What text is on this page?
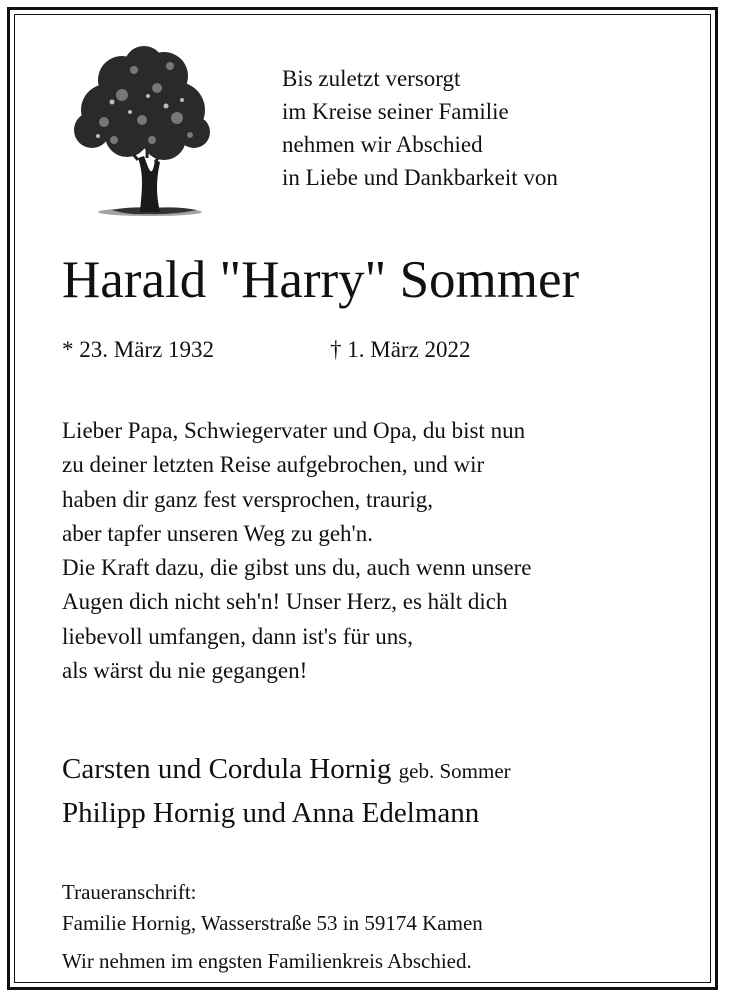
Bis zuletzt versorgt
im Kreise seiner Familie
nehmen wir Abschied
in Liebe und Dankbarkeit von
Harald "Harry" Sommer
* 23. März 1932	† 1. März 2022
Lieber Papa, Schwiegervater und Opa, du bist nun
zu deiner letzten Reise aufgebrochen, und wir
haben dir ganz fest versprochen, traurig,
aber tapfer unseren Weg zu geh'n.
Die Kraft dazu, die gibst uns du, auch wenn unsere
Augen dich nicht seh'n! Unser Herz, es hält dich
liebevoll umfangen, dann ist's für uns,
als wärst du nie gegangen!
Carsten und Cordula Hornig geb. Sommer
Philipp Hornig und Anna Edelmann
Traueranschrift:
Familie Hornig, Wasserstraße 53 in 59174 Kamen
Wir nehmen im engsten Familienkreis Abschied.
